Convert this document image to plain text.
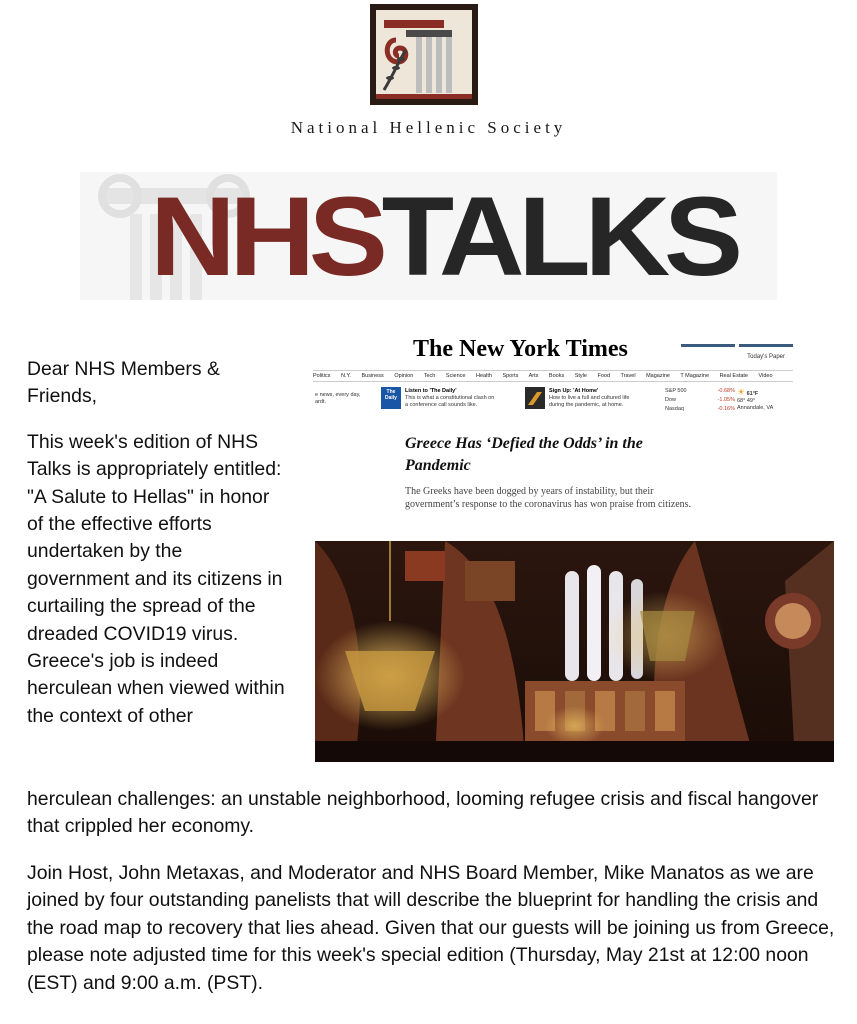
National Hellenic Society
NHSTALKS
The New York Times	Today's Paper
Politics N.Y. Business Opinion Tech Science Health Sports Arts Books Style Food Travel Magazine T Magazine Real Estate Video
e news, every day,
ardt.
The Daily
Listen to 'The Daily'
This is what a constitutional clash on
a conference call sounds like.
Sign Up: 'At Home'
How to live a full and cultured life
during the pandemic, at home.
S&P 500	-0.68%
Dow	-1.05%
Nasdaq	-0.16%
☀ 61°F
68° 49°
Annandale, VA
Greece Has ‘Defied the Odds’ in the Pandemic
The Greeks have been dogged by years of instability, but their government’s response to the coronavirus has won praise from citizens.

Dear NHS Members & Friends,

This week's edition of NHS Talks is appropriately entitled: "A Salute to Hellas" in honor of the effective efforts undertaken by the government and its citizens in curtailing the spread of the dreaded COVID19 virus. Greece's job is indeed herculean when viewed within the context of other

herculean challenges: an unstable neighborhood, looming refugee crisis and fiscal hangover that crippled her economy.
Join Host, John Metaxas, and Moderator and NHS Board Member, Mike Manatos as we are joined by four outstanding panelists that will describe the blueprint for handling the crisis and the road map to recovery that lies ahead. Given that our guests will be joining us from Greece, please note adjusted time for this week's special edition (Thursday, May 21st at 12:00 noon (EST) and 9:00 a.m. (PST).
